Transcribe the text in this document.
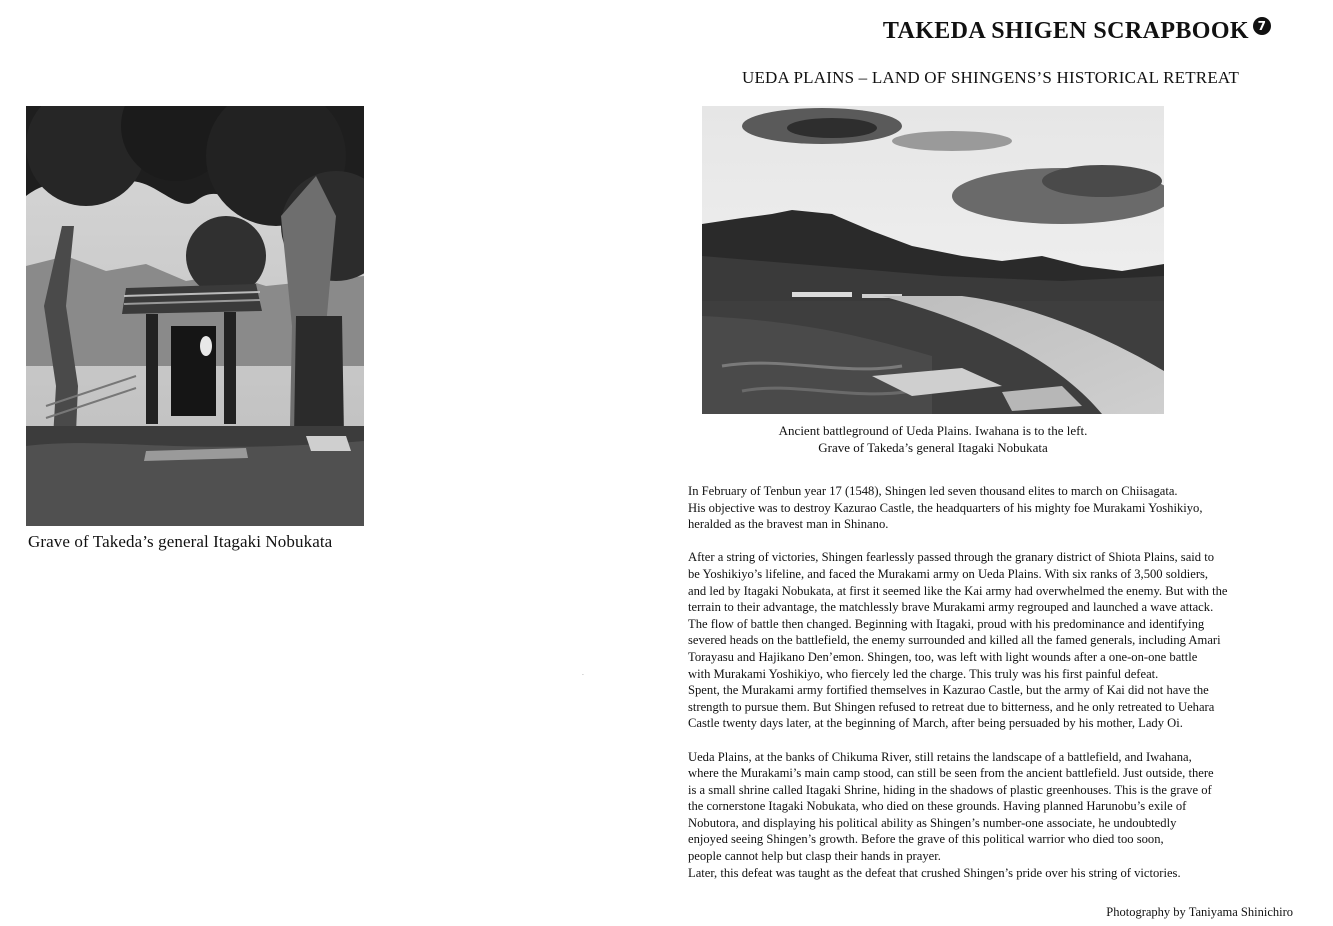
Grave of Takeda’s general Itagaki Nobukata
·
TAKEDA SHIGEN SCRAPBOOK 7
UEDA PLAINS – LAND OF SHINGENS’S HISTORICAL RETREAT
Ancient battleground of Ueda Plains. Iwahana is to the left.
Grave of Takeda’s general Itagaki Nobukata

In February of Tenbun year 17 (1548), Shingen led seven thousand elites to march on Chiisagata.
His objective was to destroy Kazurao Castle, the headquarters of his mighty foe Murakami Yoshikiyo,
heralded as the bravest man in Shinano.

After a string of victories, Shingen fearlessly passed through the granary district of Shiota Plains, said to
be Yoshikiyo’s lifeline, and faced the Murakami army on Ueda Plains. With six ranks of 3,500 soldiers,
and led by Itagaki Nobukata, at first it seemed like the Kai army had overwhelmed the enemy. But with the
terrain to their advantage, the matchlessly brave Murakami army regrouped and launched a wave attack.
The flow of battle then changed. Beginning with Itagaki, proud with his predominance and identifying
severed heads on the battlefield, the enemy surrounded and killed all the famed generals, including Amari
Torayasu and Hajikano Den’emon. Shingen, too, was left with light wounds after a one-on-one battle
with Murakami Yoshikiyo, who fiercely led the charge. This truly was his first painful defeat.
Spent, the Murakami army fortified themselves in Kazurao Castle, but the army of Kai did not have the
strength to pursue them. But Shingen refused to retreat due to bitterness, and he only retreated to Uehara
Castle twenty days later, at the beginning of March, after being persuaded by his mother, Lady Oi.

Ueda Plains, at the banks of Chikuma River, still retains the landscape of a battlefield, and Iwahana,
where the Murakami’s main camp stood, can still be seen from the ancient battlefield. Just outside, there
is a small shrine called Itagaki Shrine, hiding in the shadows of plastic greenhouses. This is the grave of
the cornerstone Itagaki Nobukata, who died on these grounds. Having planned Harunobu’s exile of
Nobutora, and displaying his political ability as Shingen’s number-one associate, he undoubtedly
enjoyed seeing Shingen’s growth. Before the grave of this political warrior who died too soon,
people cannot help but clasp their hands in prayer.
Later, this defeat was taught as the defeat that crushed Shingen’s pride over his string of victories.

Photography by Taniyama Shinichiro
